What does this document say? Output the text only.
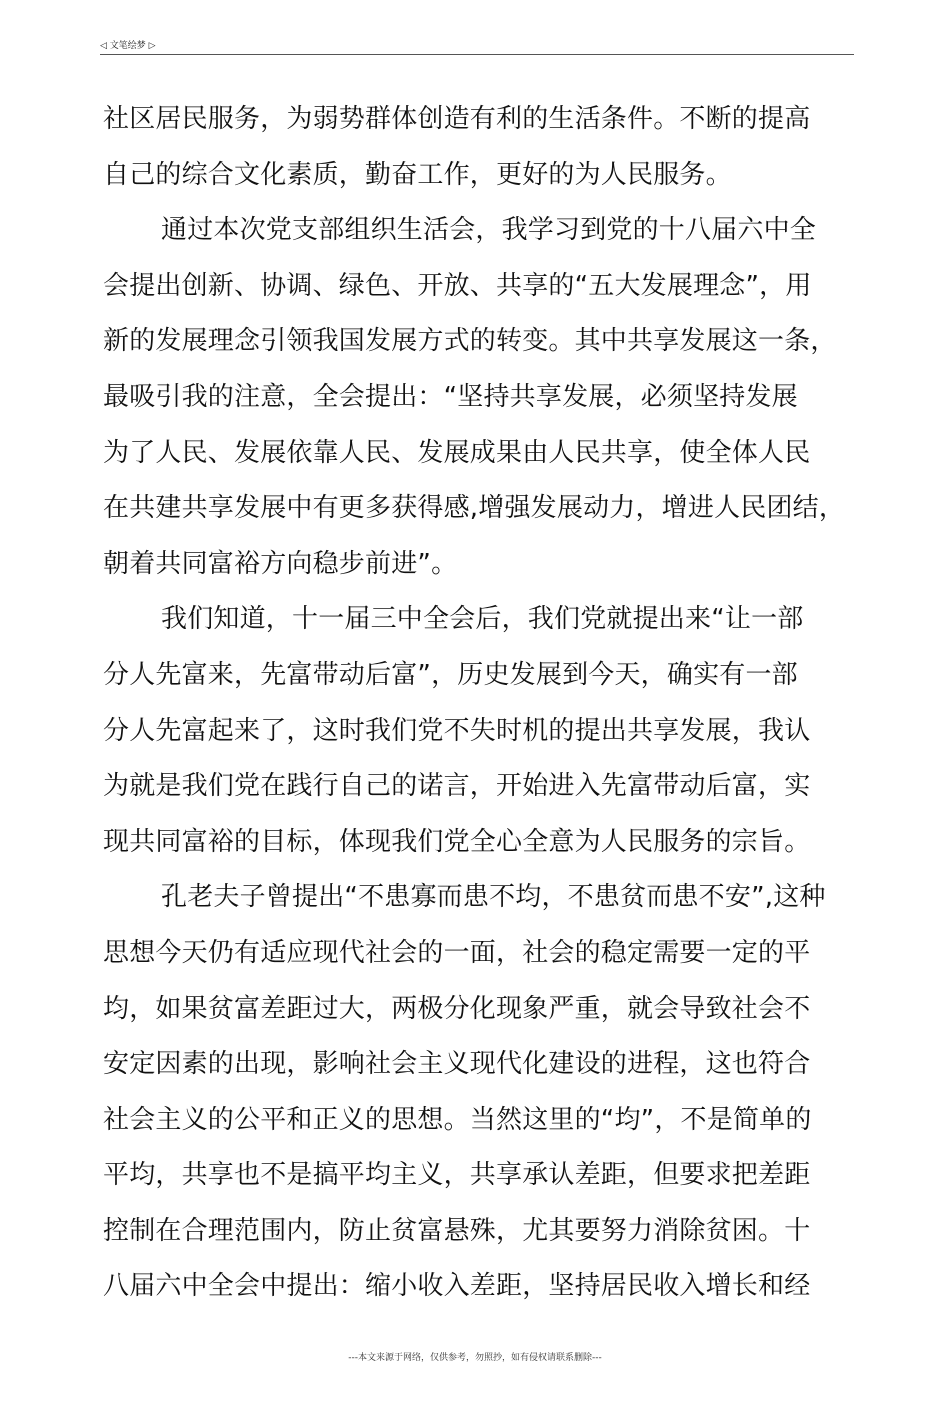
◁ 文笔绘梦 ▷
社区居民服务，为弱势群体创造有利的生活条件。不断的提高
自己的综合文化素质，勤奋工作，更好的为人民服务。
通过本次党支部组织生活会，我学习到党的十八届六中全
会提出创新、协调、绿色、开放、共享的“五大发展理念”，用
新的发展理念引领我国发展方式的转变。其中共享发展这一条，
最吸引我的注意，全会提出：“坚持共享发展，必须坚持发展
为了人民、发展依靠人民、发展成果由人民共享，使全体人民
在共建共享发展中有更多获得感,增强发展动力，增进人民团结，
朝着共同富裕方向稳步前进”。
我们知道，十一届三中全会后，我们党就提出来“让一部
分人先富来，先富带动后富”，历史发展到今天，确实有一部
分人先富起来了，这时我们党不失时机的提出共享发展，我认
为就是我们党在践行自己的诺言，开始进入先富带动后富，实
现共同富裕的目标，体现我们党全心全意为人民服务的宗旨。
孔老夫子曾提出“不患寡而患不均，不患贫而患不安”,这种
思想今天仍有适应现代社会的一面，社会的稳定需要一定的平
均，如果贫富差距过大，两极分化现象严重，就会导致社会不
安定因素的出现，影响社会主义现代化建设的进程，这也符合
社会主义的公平和正义的思想。当然这里的“均”，不是简单的
平均，共享也不是搞平均主义，共享承认差距，但要求把差距
控制在合理范围内，防止贫富悬殊，尤其要努力消除贫困。十
八届六中全会中提出：缩小收入差距，坚持居民收入增长和经
---本文来源于网络，仅供参考，勿照抄，如有侵权请联系删除---
